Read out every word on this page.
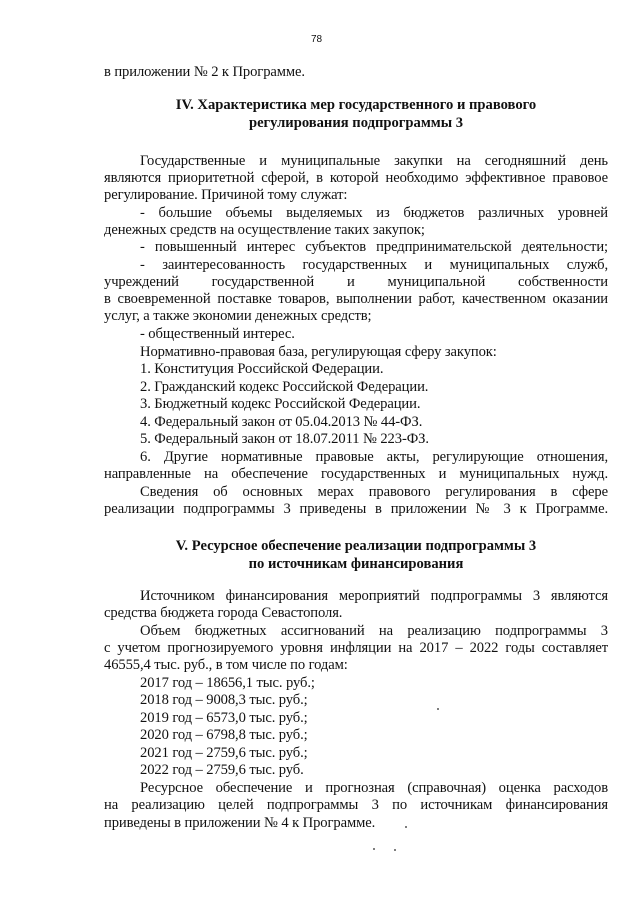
78
в приложении № 2 к Программе.
IV. Характеристика мер государственного и правового
регулирования подпрограммы 3
Государственные и муниципальные закупки на сегодняшний день
являются приоритетной сферой, в которой необходимо эффективное правовое
регулирование. Причиной тому служат:
- большие объемы выделяемых из бюджетов различных уровней
денежных средств на осуществление таких закупок;
- повышенный интерес субъектов предпринимательской деятельности;
- заинтересованность государственных и муниципальных служб,
учреждений государственной и муниципальной собственности
в своевременной поставке товаров, выполнении работ, качественном оказании
услуг, а также экономии денежных средств;
- общественный интерес.
Нормативно-правовая база, регулирующая сферу закупок:
1. Конституция Российской Федерации.
2. Гражданский кодекс Российской Федерации.
3. Бюджетный кодекс Российской Федерации.
4. Федеральный закон от 05.04.2013 № 44-ФЗ.
5. Федеральный закон от 18.07.2011 № 223-ФЗ.
6. Другие нормативные правовые акты, регулирующие отношения,
направленные на обеспечение государственных и муниципальных нужд.
Сведения об основных мерах правового регулирования в сфере
реализации подпрограммы 3 приведены в приложении № 3 к Программе.
V. Ресурсное обеспечение реализации подпрограммы 3
по источникам финансирования
Источником финансирования мероприятий подпрограммы 3 являются
средства бюджета города Севастополя.
Объем бюджетных ассигнований на реализацию подпрограммы 3
с учетом прогнозируемого уровня инфляции на 2017 – 2022 годы составляет
46555,4 тыс. руб., в том числе по годам:
2017 год – 18656,1 тыс. руб.;
2018 год – 9008,3 тыс. руб.;
2019 год – 6573,0 тыс. руб.;
2020 год – 6798,8 тыс. руб.;
2021 год – 2759,6 тыс. руб.;
2022 год – 2759,6 тыс. руб.
Ресурсное обеспечение и прогнозная (справочная) оценка расходов
на реализацию целей подпрограммы 3 по источникам финансирования
приведены в приложении № 4 к Программе.
